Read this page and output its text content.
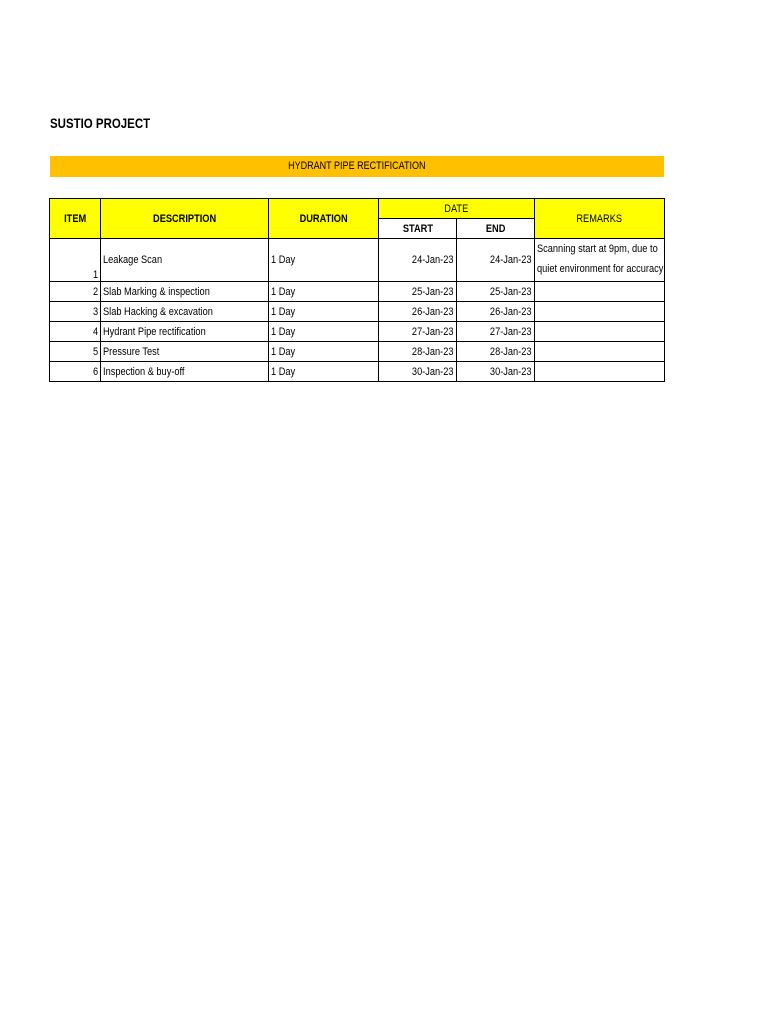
SUSTIO PROJECT
HYDRANT PIPE RECTIFICATION
ITEM	DESCRIPTION	DURATION	DATE		REMARKS
			START	END	
1	Leakage Scan	1 Day	24-Jan-23	24-Jan-23	Scanning start at 9pm, due to
quiet environment for accuracy
2	Slab Marking & inspection	1 Day	25-Jan-23	25-Jan-23	
3	Slab Hacking & excavation	1 Day	26-Jan-23	26-Jan-23	
4	Hydrant Pipe rectification	1 Day	27-Jan-23	27-Jan-23	
5	Pressure Test	1 Day	28-Jan-23	28-Jan-23	
6	Inspection & buy-off	1 Day	30-Jan-23	30-Jan-23	
